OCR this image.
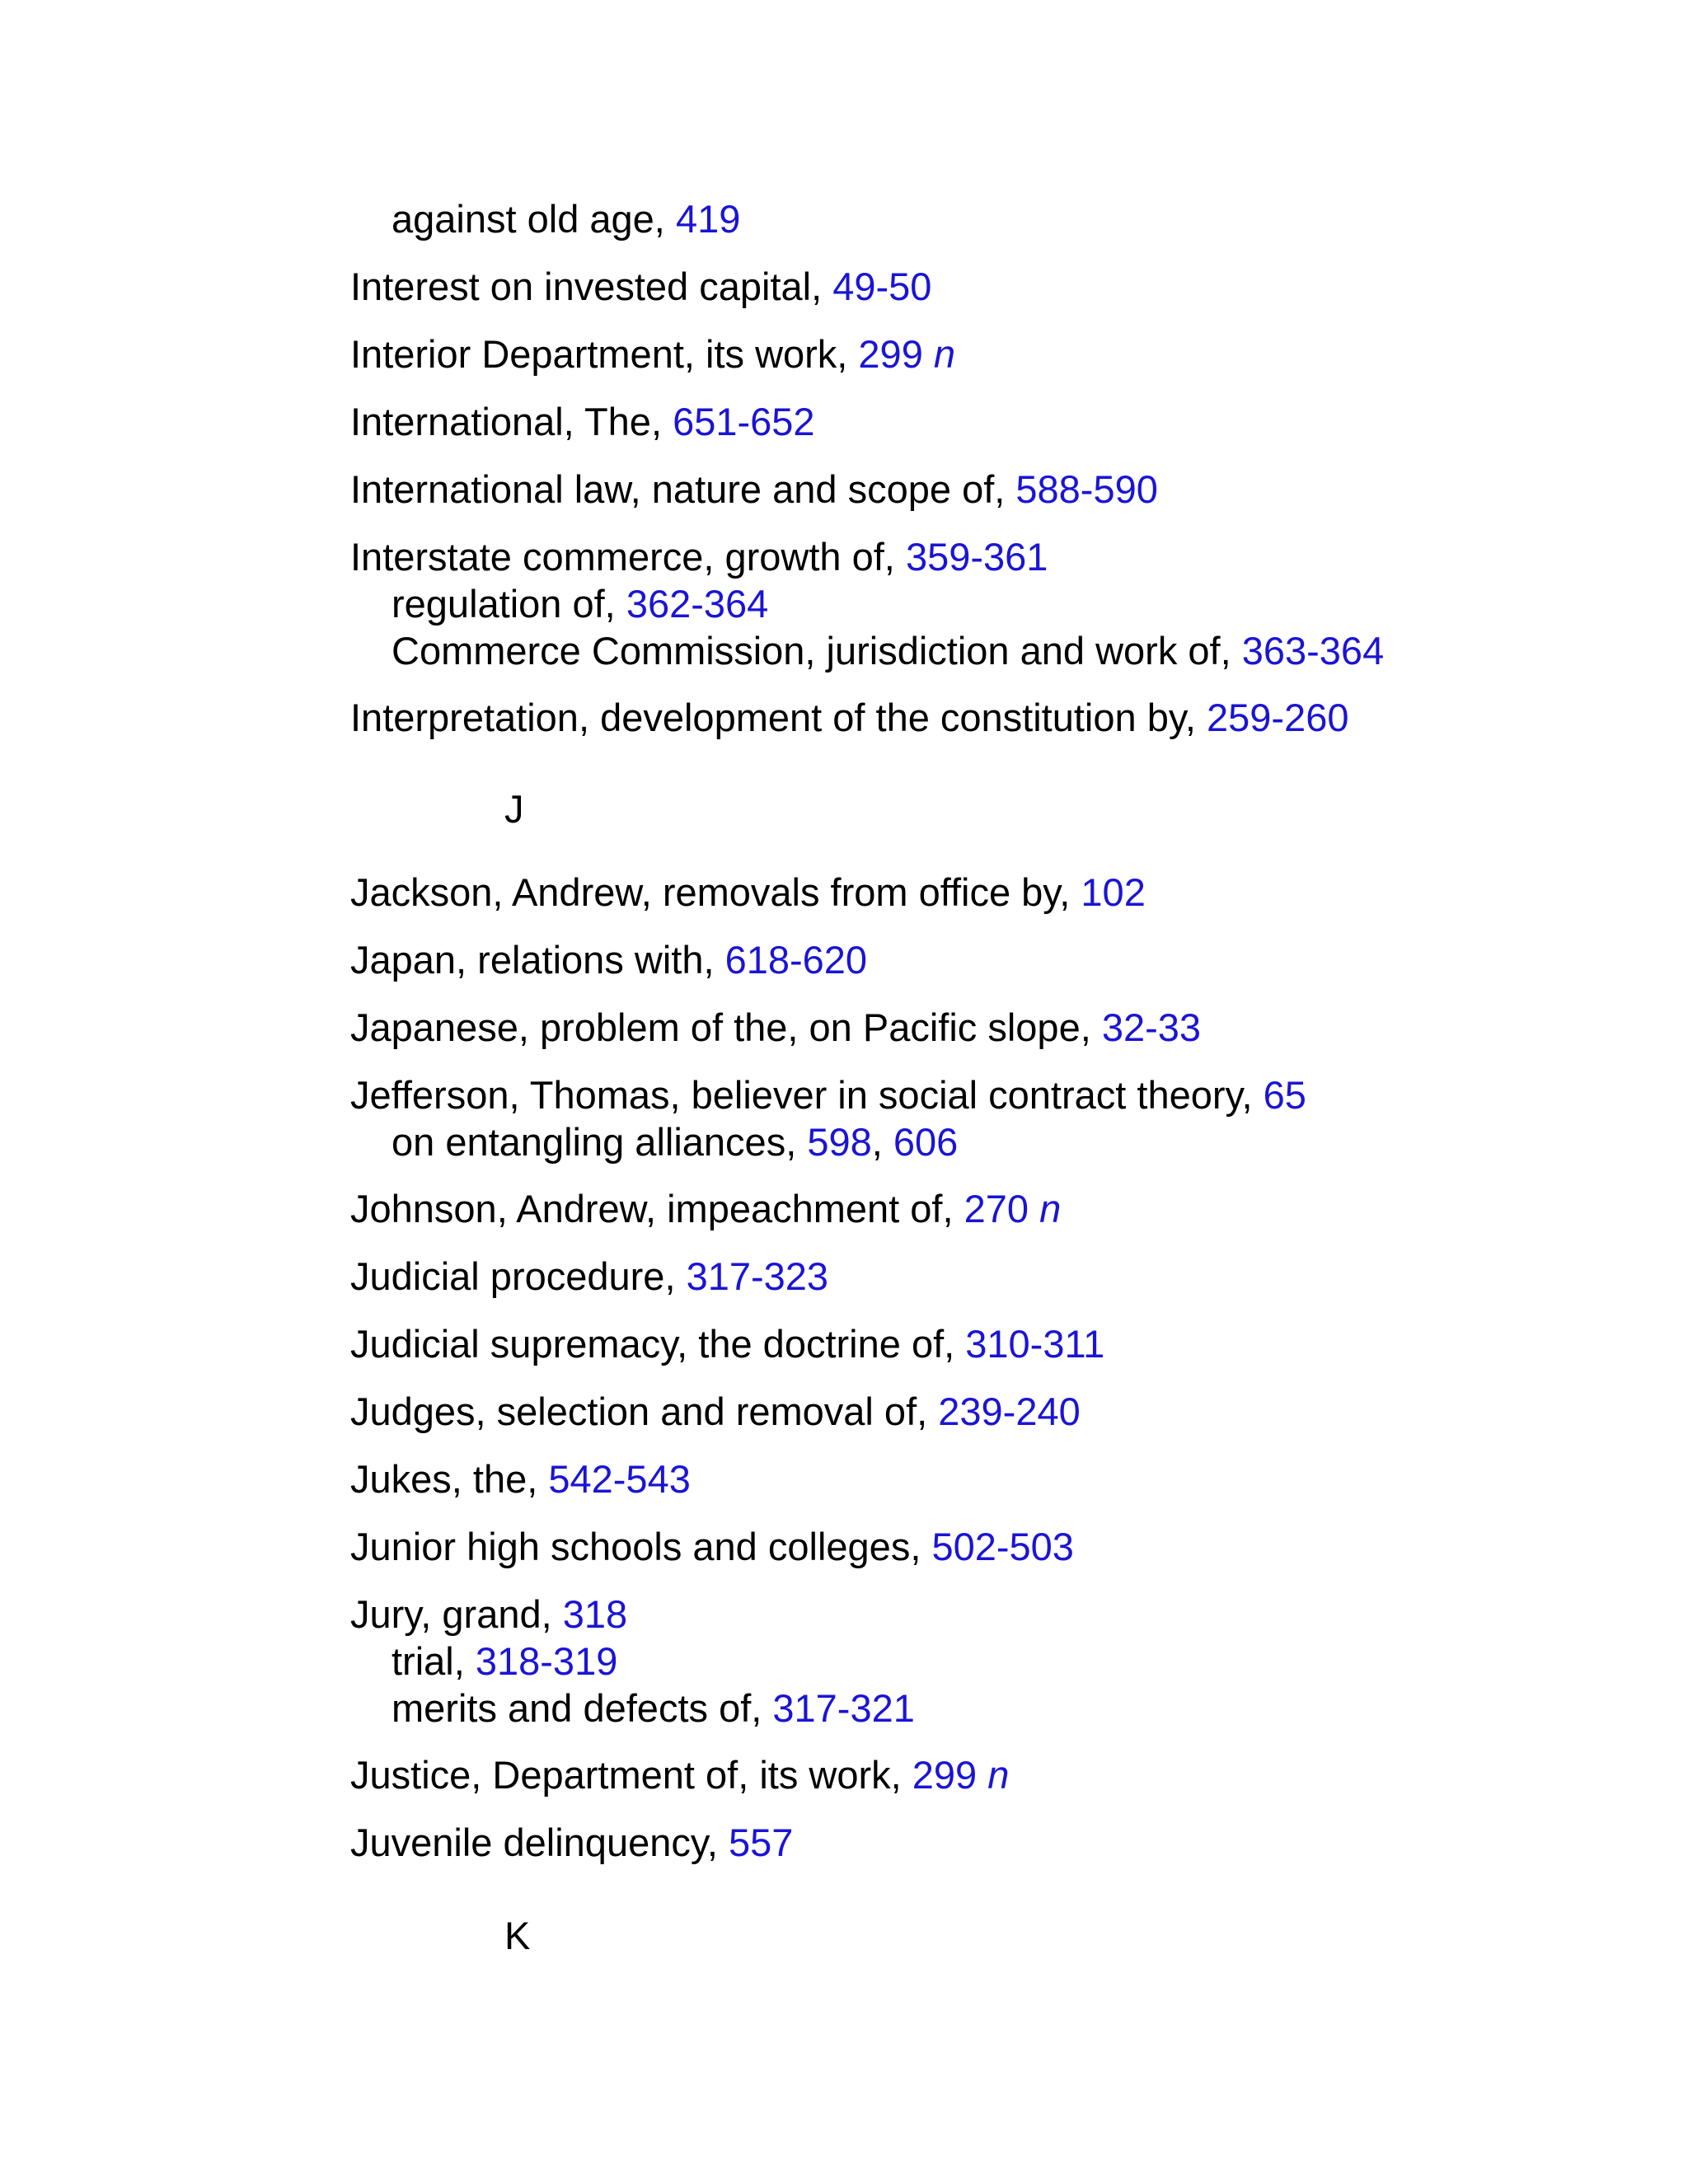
J

K

against old age, 419

Interest on invested capital, 49-50

Interior Department, its work, 299 n

International, The, 651-652

International law, nature and scope of, 588-590

Interstate commerce, growth of, 359-361
regulation of, 362-364
Commerce Commission, jurisdiction and work of, 363-364

Interpretation, development of the constitution by, 259-260

Jackson, Andrew, removals from office by, 102

Japan, relations with, 618-620

Japanese, problem of the, on Pacific slope, 32-33

Jefferson, Thomas, believer in social contract theory, 65
on entangling alliances, 598, 606

Johnson, Andrew, impeachment of, 270 n

Judicial procedure, 317-323

Judicial supremacy, the doctrine of, 310-311

Judges, selection and removal of, 239-240

Jukes, the, 542-543

Junior high schools and colleges, 502-503

Jury, grand, 318
trial, 318-319
merits and defects of, 317-321

Justice, Department of, its work, 299 n

Juvenile delinquency, 557
